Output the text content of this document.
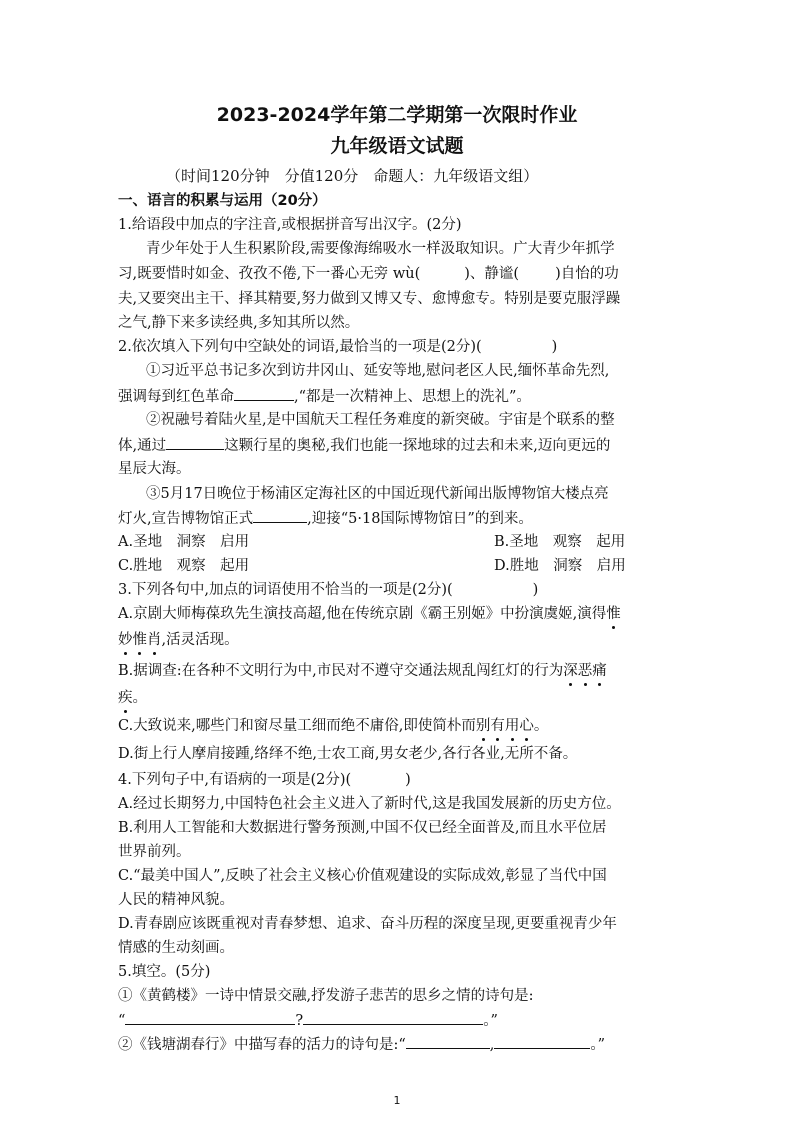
2023-2024学年第二学期第一次限时作业
九年级语文试题
（时间120分钟　分值120分　命题人：九年级语文组）
一、语言的积累与运用（20分）
1.给语段中加点的字注音,或根据拼音写出汉字。(2分)
青少年处于人生积累阶段,需要像海绵吸水一样汲取知识。广大青少年抓学
习,既要惜时如金、孜孜不倦,下一番心无旁 wù(	)、静谧( )自怡的功
夫,又要突出主干、择其精要,努力做到又博又专、愈博愈专。特别是要克服浮躁
之气,静下来多读经典,多知其所以然。
2.依次填入下列句中空缺处的词语,最恰当的一项是(2分)(	)
①习近平总书记多次到访井冈山、延安等地,慰问老区人民,缅怀革命先烈,
强调每到红色革命	,“都是一次精神上、思想上的洗礼”。
②祝融号着陆火星,是中国航天工程任务难度的新突破。宇宙是个联系的整
体,通过	这颗行星的奥秘,我们也能一探地球的过去和未来,迈向更远的
星辰大海。
③5月17日晚位于杨浦区定海社区的中国近现代新闻出版博物馆大楼点亮
灯火,宣告博物馆正式	,迎接“5·18国际博物馆日”的到来。
A.圣地　洞察　启用	B.圣地　观察　起用
C.胜地　观察　起用	D.胜地　洞察　启用
3.下列各句中,加点的词语使用不恰当的一项是(2分)(	)
A.京剧大师梅葆玖先生演技高超,他在传统京剧《霸王别姬》中扮演虞姬,演得惟
妙惟肖,活灵活现。
B.据调查:在各种不文明行为中,市民对不遵守交通法规乱闯红灯的行为深恶痛
疾。
C.大致说来,哪些门和窗尽量工细而绝不庸俗,即使简朴而别有用心。
D.街上行人摩肩接踵,络绎不绝,士农工商,男女老少,各行各业,无所不备。
4.下列句子中,有语病的一项是(2分)(	)
A.经过长期努力,中国特色社会主义进入了新时代,这是我国发展新的历史方位。
B.利用人工智能和大数据进行警务预测,中国不仅已经全面普及,而且水平位居
世界前列。
C.“最美中国人”,反映了社会主义核心价值观建设的实际成效,彰显了当代中国
人民的精神风貌。
D.青春剧应该既重视对青春梦想、追求、奋斗历程的深度呈现,更要重视青少年
情感的生动刻画。
5.填空。(5分)
①《黄鹤楼》一诗中情景交融,抒发游子悲苦的思乡之情的诗句是:
“	?	。”
②《钱塘湖春行》中描写春的活力的诗句是:“	,	。”
1
